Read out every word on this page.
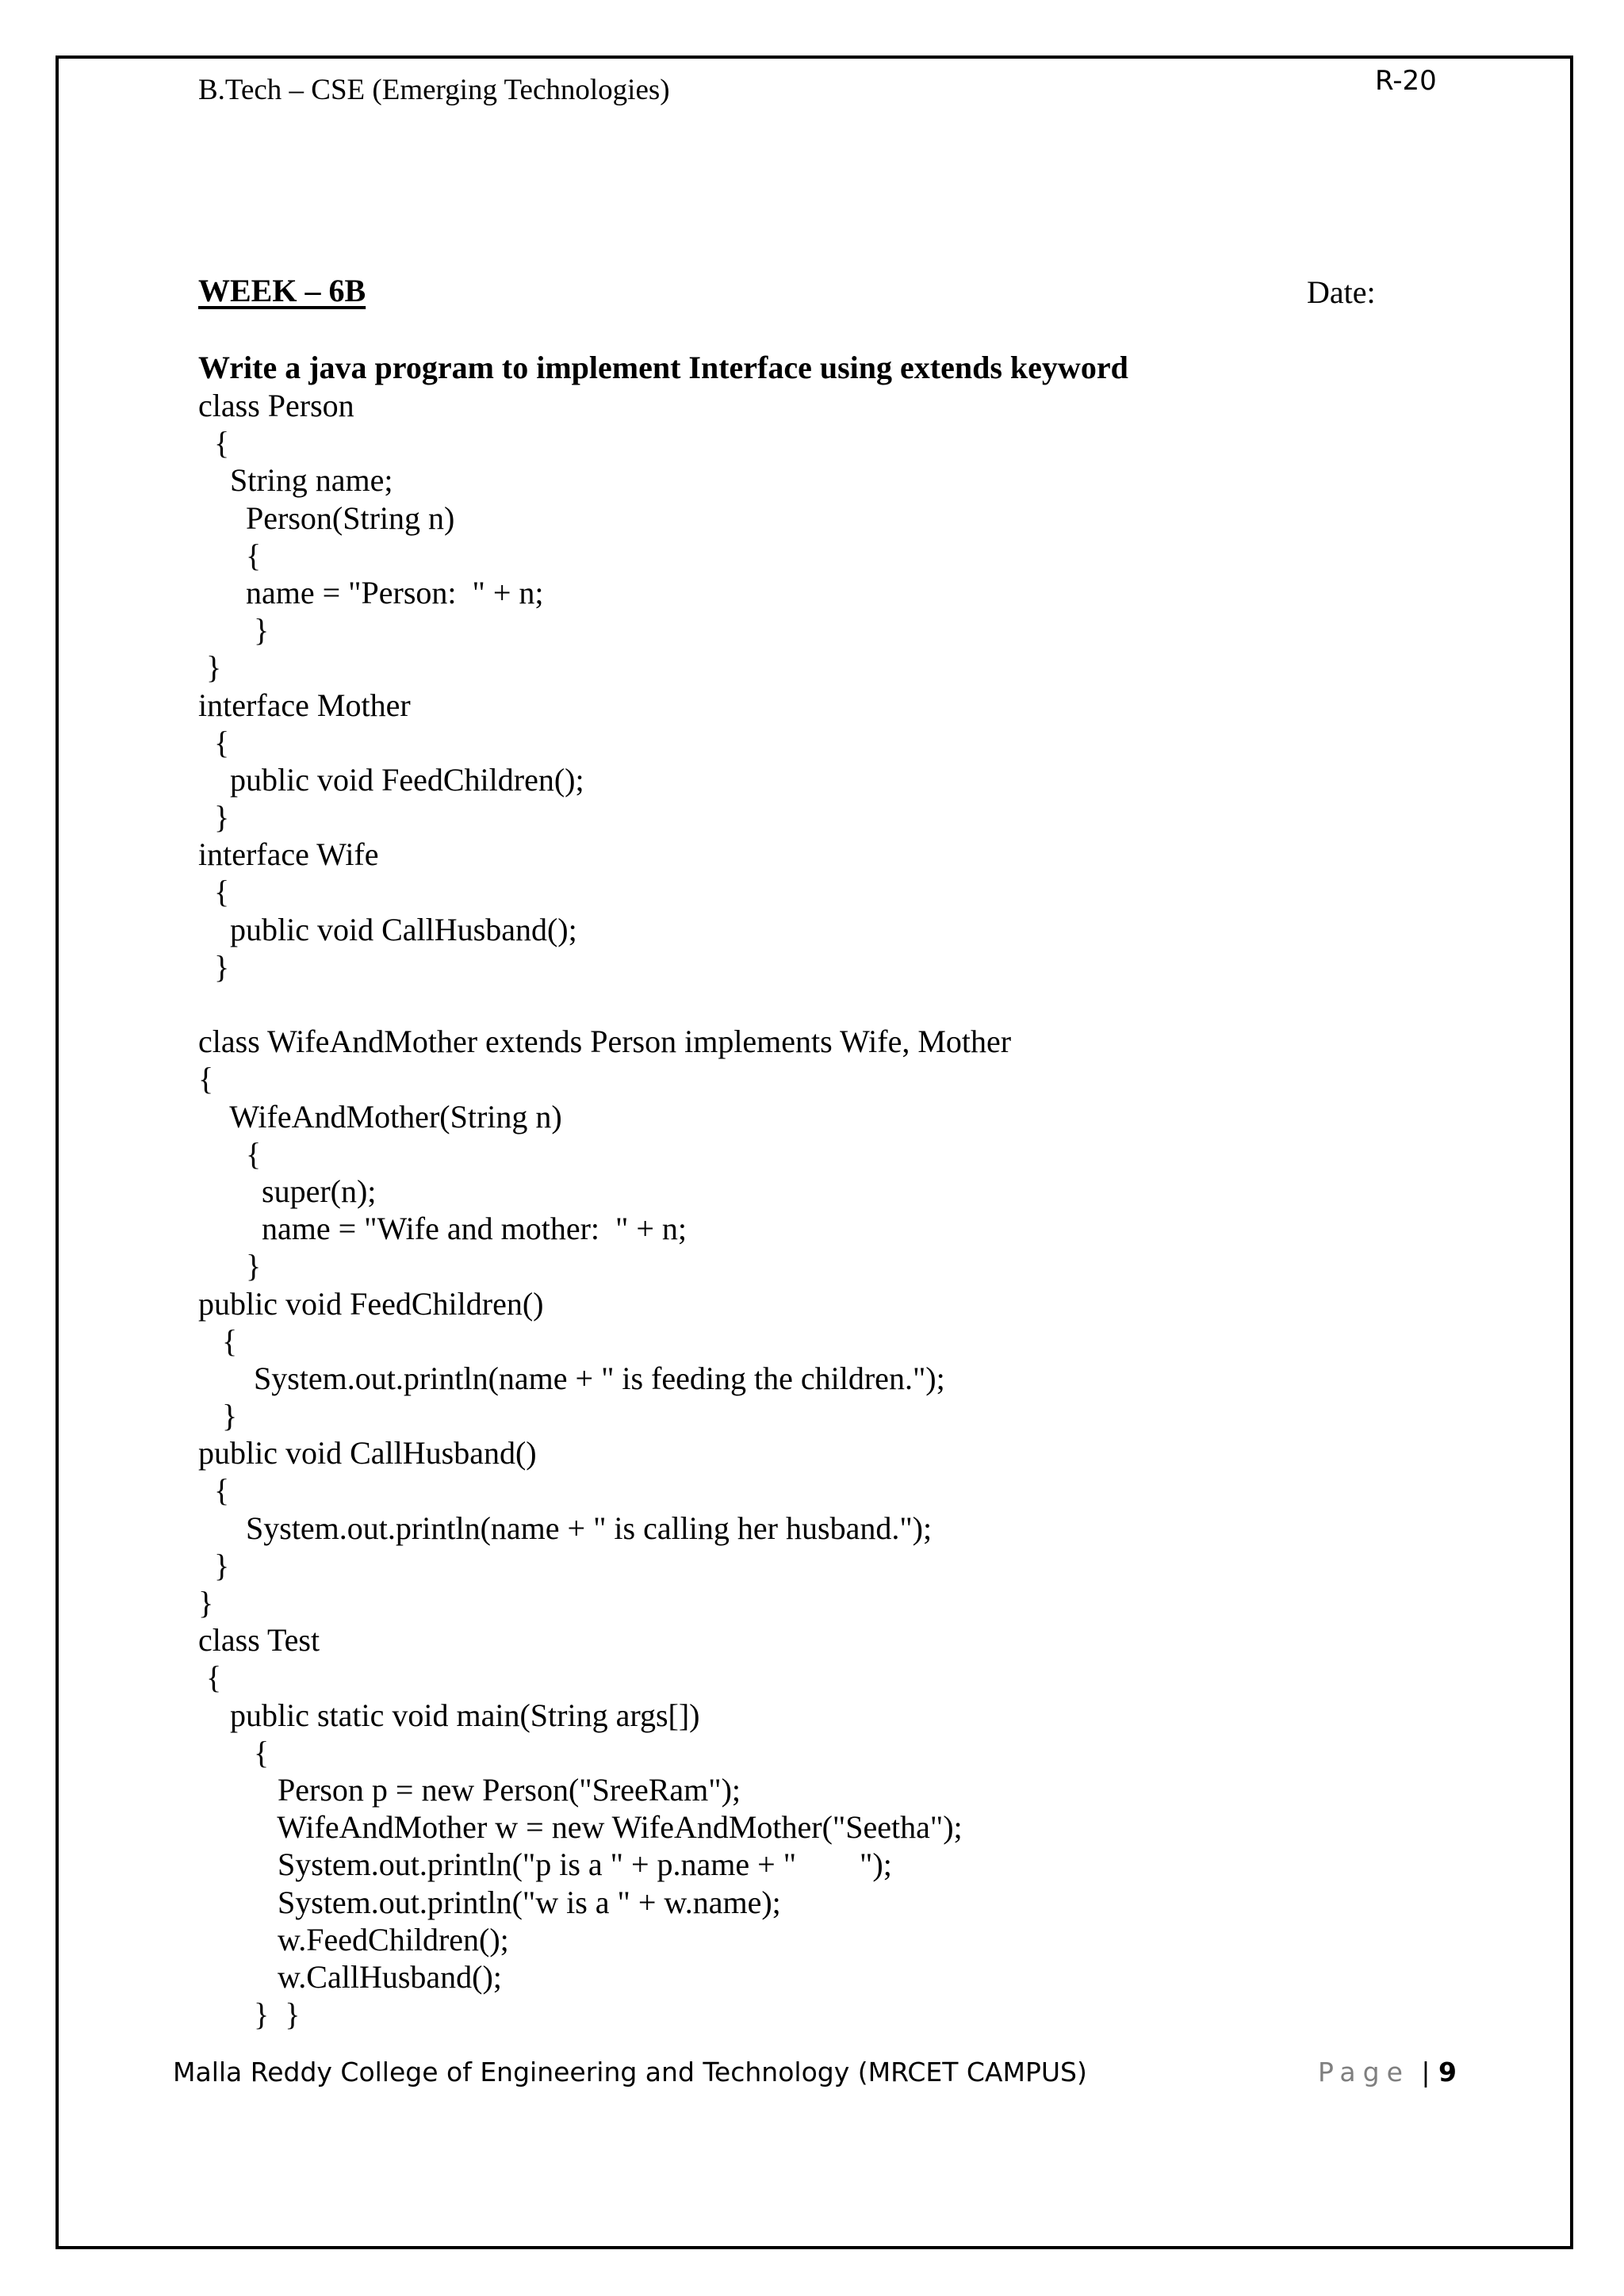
B.Tech – CSE (Emerging Technologies)	R-20
WEEK – 6B	Date:
Write a java program to implement Interface using extends keyword
class Person
{
String name;
Person(String n)
{
name = "Person:  " + n;
}
}
interface Mother
{
public void FeedChildren();
}
interface Wife
{
public void CallHusband();
}
class WifeAndMother extends Person implements Wife, Mother
{
WifeAndMother(String n)
{
super(n);
name = "Wife and mother:  " + n;
}
public void FeedChildren()
{
System.out.println(name + " is feeding the children.");
}
public void CallHusband()
{
System.out.println(name + " is calling her husband.");
}
}
class Test
{
public static void main(String args[])
{
Person p = new Person("SreeRam");
WifeAndMother w = new WifeAndMother("Seetha");
System.out.println("p is a " + p.name + "        ");
System.out.println("w is a " + w.name);
w.FeedChildren();
w.CallHusband();
}  }
Malla Reddy College of Engineering and Technology (MRCET CAMPUS)	Page | 9
